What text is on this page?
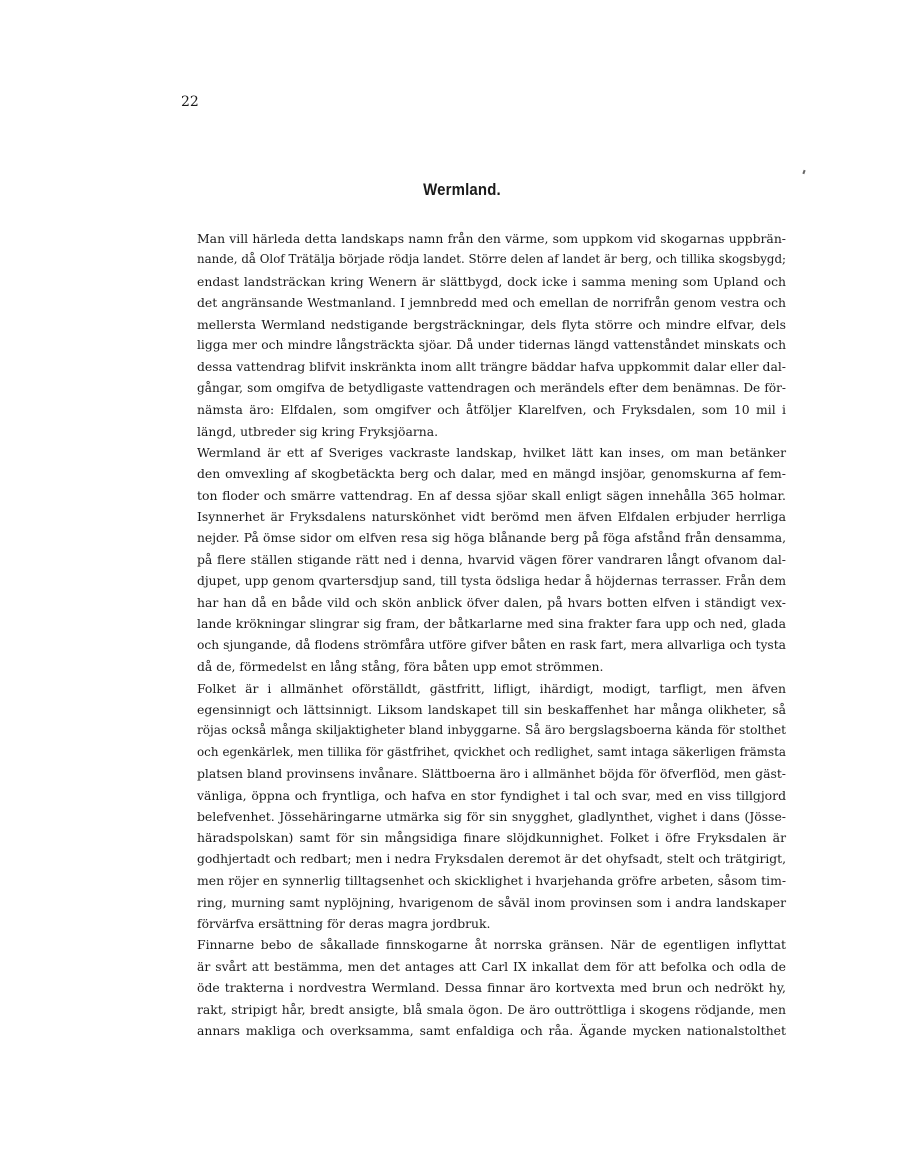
22
Wermland.

Man vill härleda detta landskaps namn från den värme, som uppkom vid skogarnas uppbrän-
nande, då Olof Trätälja började rödja landet. Större delen af landet är berg, och tillika skogsbygd;
endast landsträckan kring Wenern är slättbygd, dock icke i samma mening som Upland och
det angränsande Westmanland. I jemnbredd med och emellan de norrifrån genom vestra och
mellersta Wermland nedstigande bergsträckningar, dels flyta större och mindre elfvar, dels
ligga mer och mindre långsträckta sjöar. Då under tidernas längd vattenståndet minskats och
dessa vattendrag blifvit inskränkta inom allt trängre bäddar hafva uppkommit dalar eller dal-
gångar, som omgifva de betydligaste vattendragen och merändels efter dem benämnas. De för-
nämsta äro: Elfdalen, som omgifver och åtföljer Klarelfven, och Fryksdalen, som 10 mil i
längd, utbreder sig kring Fryksjöarna.

Wermland är ett af Sveriges vackraste landskap, hvilket lätt kan inses, om man betänker
den omvexling af skogbetäckta berg och dalar, med en mängd insjöar, genomskurna af fem-
ton floder och smärre vattendrag. En af dessa sjöar skall enligt sägen innehålla 365 holmar.
Isynnerhet är Fryksdalens naturskönhet vidt berömd men äfven Elfdalen erbjuder herrliga
nejder. På ömse sidor om elfven resa sig höga blånande berg på föga afstånd från densamma,
på flere ställen stigande rätt ned i denna, hvarvid vägen förer vandraren långt ofvanom dal-
djupet, upp genom qvartersdjup sand, till tysta ödsliga hedar å höjdernas terrasser. Från dem
har han då en både vild och skön anblick öfver dalen, på hvars botten elfven i ständigt vex-
lande krökningar slingrar sig fram, der båtkarlarne med sina frakter fara upp och ned, glada
och sjungande, då flodens strömfåra utföre gifver båten en rask fart, mera allvarliga och tysta
då de, förmedelst en lång stång, föra båten upp emot strömmen.

Folket är i allmänhet oförställdt, gästfritt, lifligt, ihärdigt, modigt, tarfligt, men äfven
egensinnigt och lättsinnigt. Liksom landskapet till sin beskaffenhet har många olikheter, så
röjas också många skiljaktigheter bland inbyggarne. Så äro bergslagsboerna kända för stolthet
och egenkärlek, men tillika för gästfrihet, qvickhet och redlighet, samt intaga säkerligen främsta
platsen bland provinsens invånare. Slättboerna äro i allmänhet böjda för öfverflöd, men gäst-
vänliga, öppna och fryntliga, och hafva en stor fyndighet i tal och svar, med en viss tillgjord
belefvenhet. Jössehäringarne utmärka sig för sin snygghet, gladlynthet, vighet i dans (Jösse-
häradspolskan) samt för sin mångsidiga finare slöjdkunnighet. Folket i öfre Fryksdalen är
godhjertadt och redbart; men i nedra Fryksdalen deremot är det ohyfsadt, stelt och trätgirigt,
men röjer en synnerlig tilltagsenhet och skicklighet i hvarjehanda gröfre arbeten, såsom tim-
ring, murning samt nyplöjning, hvarigenom de såväl inom provinsen som i andra landskaper
förvärfva ersättning för deras magra jordbruk.

Finnarne bebo de såkallade finnskogarne åt norrska gränsen. När de egentligen inflyttat
är svårt att bestämma, men det antages att Carl IX inkallat dem för att befolka och odla de
öde trakterna i nordvestra Wermland. Dessa finnar äro kortvexta med brun och nedrökt hy,
rakt, stripigt hår, bredt ansigte, blå smala ögon. De äro outtröttliga i skogens rödjande, men
annars makliga och overksamma, samt enfaldiga och råa. Ägande mycken nationalstolthet
